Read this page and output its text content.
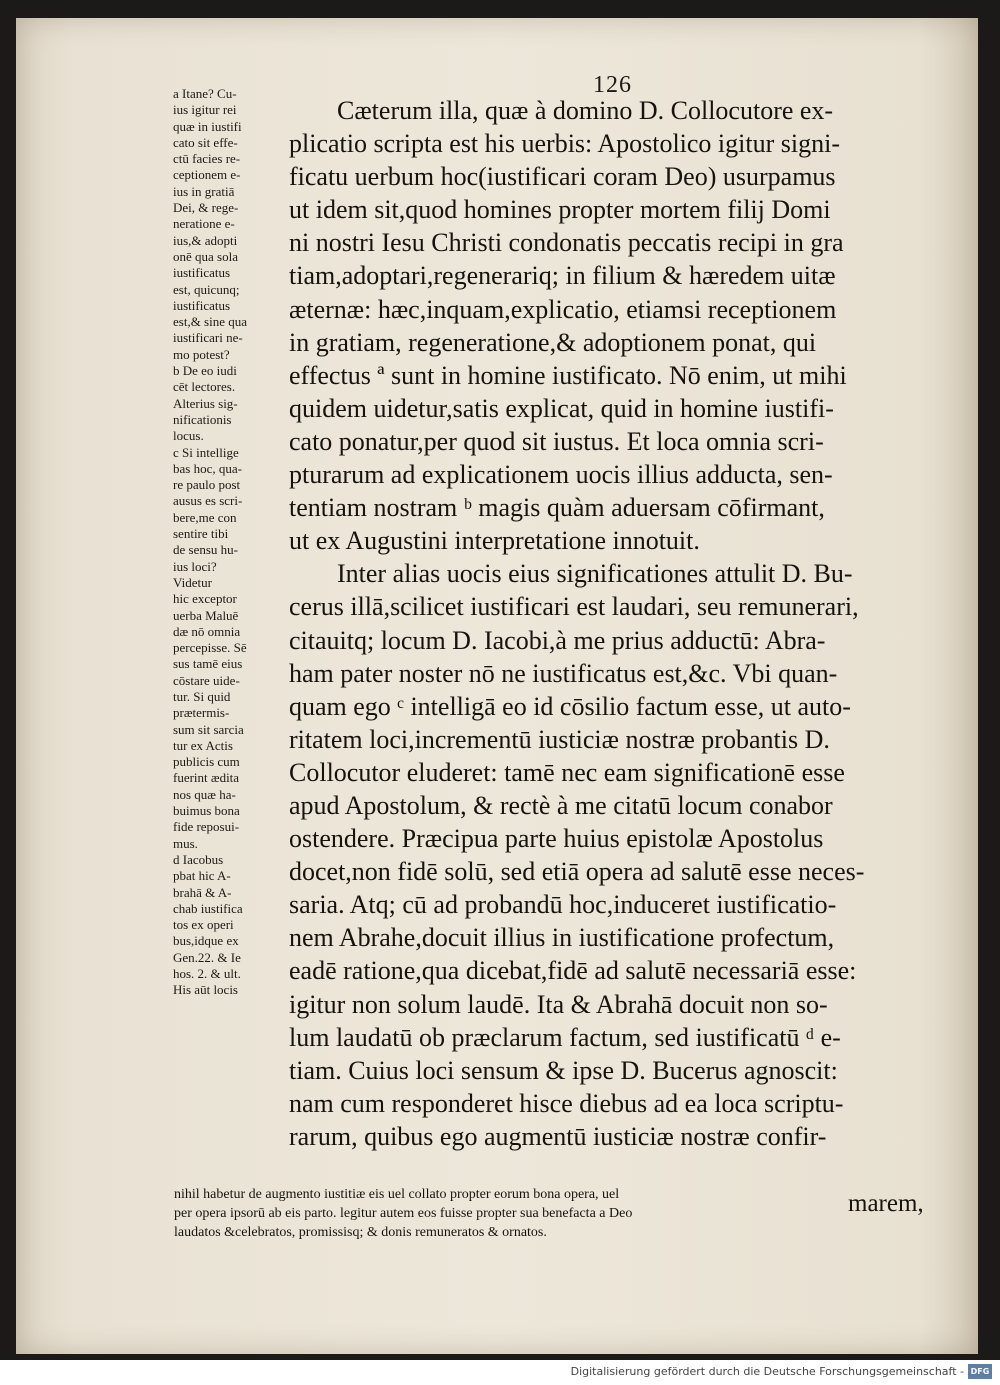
126
a Itane? Cu-
ius igitur rei
quæ in iustifi
cato sit effe-
ctū facies re-
ceptionem e-
ius in gratiā
Dei, & rege-
neratione e-
ius,& adopti
onē qua sola
iustificatus
est, quicunq;
iustificatus
est,& sine qua
iustificari ne-
mo potest?
b De eo iudi
cēt lectores.
Alterius sig-
nificationis
locus.
c Si intellige
bas hoc, qua-
re paulo post
ausus es scri-
bere,me con
sentire tibi
de sensu hu-
ius loci?
Videtur
hic exceptor
uerba Maluē
dæ nō omnia
percepisse. Sē
sus tamē eius
cōstare uide-
tur. Si quid
prætermis-
sum sit sarcia
tur ex Actis
publicis cum
fuerint ædita
nos quæ ha-
buimus bona
fide reposui-
mus.
d Iacobus
pbat hic A-
brahā & A-
chab iustifica
tos ex operi
bus,idque ex
Gen.22. & Ie
hos. 2. & ult.
His aūt locis
Cæterum illa, quæ à domino D. Collocutore ex-
plicatio scripta est his uerbis: Apostolico igitur signi-
ficatu uerbum hoc(iustificari coram Deo) usurpamus
ut idem sit,quod homines propter mortem filij Domi
ni nostri Iesu Christi condonatis peccatis recipi in gra
tiam,adoptari,regenerariq; in filium & hæredem uitæ
æternæ: hæc,inquam,explicatio, etiamsi receptionem
in gratiam, regeneratione,& adoptionem ponat, qui
effectus ª sunt in homine iustificato. Nō enim, ut mihi
quidem uidetur,satis explicat, quid in homine iustifi-
cato ponatur,per quod sit iustus. Et loca omnia scri-
pturarum ad explicationem uocis illius adducta, sen-
tentiam nostram ᵇ magis quàm aduersam cōfirmant,
ut ex Augustini interpretatione innotuit.
Inter alias uocis eius significationes attulit D. Bu-
cerus illā,scilicet iustificari est laudari, seu remunerari,
citauitq; locum D. Iacobi,à me prius adductū: Abra-
ham pater noster nō ne iustificatus est,&c. Vbi quan-
quam ego ᶜ intelligā eo id cōsilio factum esse, ut auto-
ritatem loci,incrementū iusticiæ nostræ probantis D.
Collocutor eluderet: tamē nec eam significationē esse
apud Apostolum, & rectè à me citatū locum conabor
ostendere. Præcipua parte huius epistolæ Apostolus
docet,non fidē solū, sed etiā opera ad salutē esse neces-
saria. Atq; cū ad probandū hoc,induceret iustificatio-
nem Abrahe,docuit illius in iustificatione profectum,
eadē ratione,qua dicebat,fidē ad salutē necessariā esse:
igitur non solum laudē. Ita & Abrahā docuit non so-
lum laudatū ob præclarum factum, sed iustificatū ᵈ e-
tiam. Cuius loci sensum & ipse D. Bucerus agnoscit:
nam cum responderet hisce diebus ad ea loca scriptu-
rarum, quibus ego augmentū iusticiæ nostræ confir-
nihil habetur de augmento iustitiæ eis uel collato propter eorum bona opera, uel
per opera ipsorū ab eis parto. legitur autem eos fuisse propter sua benefacta a Deo
laudatos &celebratos, promissisq; & donis remuneratos & ornatos.
marem,
Digitalisierung gefördert durch die Deutsche Forschungsgemeinschaft - DFG
